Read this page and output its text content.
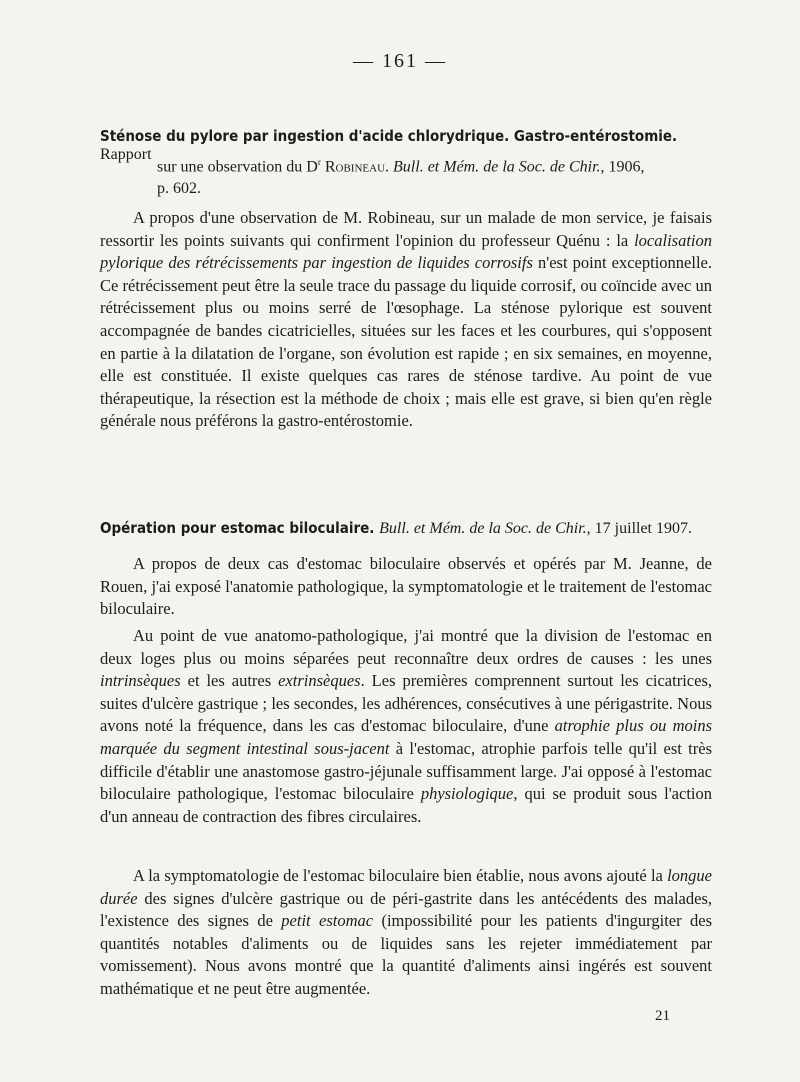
— 161 —
Sténose du pylore par ingestion d'acide chlorydrique. Gastro-entérostomie. Rapport
sur une observation du $D^r$ Robineau. Bull. et Mém. de la Soc. de Chir., 1906,
p. 602.
A propos d'une observation de M. Robineau, sur un malade de mon service, je faisais ressortir les points suivants qui confirment l'opinion du professeur Quénu : la localisation pylorique des rétrécissements par ingestion de liquides corrosifs n'est point exceptionnelle. Ce rétrécissement peut être la seule trace du passage du liquide corrosif, ou coïncide avec un rétrécissement plus ou moins serré de l'œsophage. La sténose pylorique est souvent accompagnée de bandes cicatricielles, situées sur les faces et les courbures, qui s'opposent en partie à la dilatation de l'organe, son évolution est rapide ; en six semaines, en moyenne, elle est constituée. Il existe quelques cas rares de sténose tardive. Au point de vue thérapeutique, la résection est la méthode de choix ; mais elle est grave, si bien qu'en règle générale nous préférons la gastro-entérostomie.
Opération pour estomac biloculaire. Bull. et Mém. de la Soc. de Chir., 17 juillet 1907.
A propos de deux cas d'estomac biloculaire observés et opérés par M. Jeanne, de Rouen, j'ai exposé l'anatomie pathologique, la symptomatologie et le traitement de l'estomac biloculaire.
Au point de vue anatomo-pathologique, j'ai montré que la division de l'estomac en deux loges plus ou moins séparées peut reconnaître deux ordres de causes : les unes intrinsèques et les autres extrinsèques. Les premières comprennent surtout les cicatrices, suites d'ulcère gastrique ; les secondes, les adhérences, consécutives à une périgastrite. Nous avons noté la fréquence, dans les cas d'estomac biloculaire, d'une atrophie plus ou moins marquée du segment intestinal sous-jacent à l'estomac, atrophie parfois telle qu'il est très difficile d'établir une anastomose gastro-jéjunale suffisamment large. J'ai opposé à l'estomac biloculaire pathologique, l'estomac biloculaire physiologique, qui se produit sous l'action d'un anneau de contraction des fibres circulaires.
A la symptomatologie de l'estomac biloculaire bien établie, nous avons ajouté la longue durée des signes d'ulcère gastrique ou de péri-gastrite dans les antécédents des malades, l'existence des signes de petit estomac (impossibilité pour les patients d'ingurgiter des quantités notables d'aliments ou de liquides sans les rejeter immédiatement par vomissement). Nous avons montré que la quantité d'aliments ainsi ingérés est souvent mathématique et ne peut être augmentée.
21
